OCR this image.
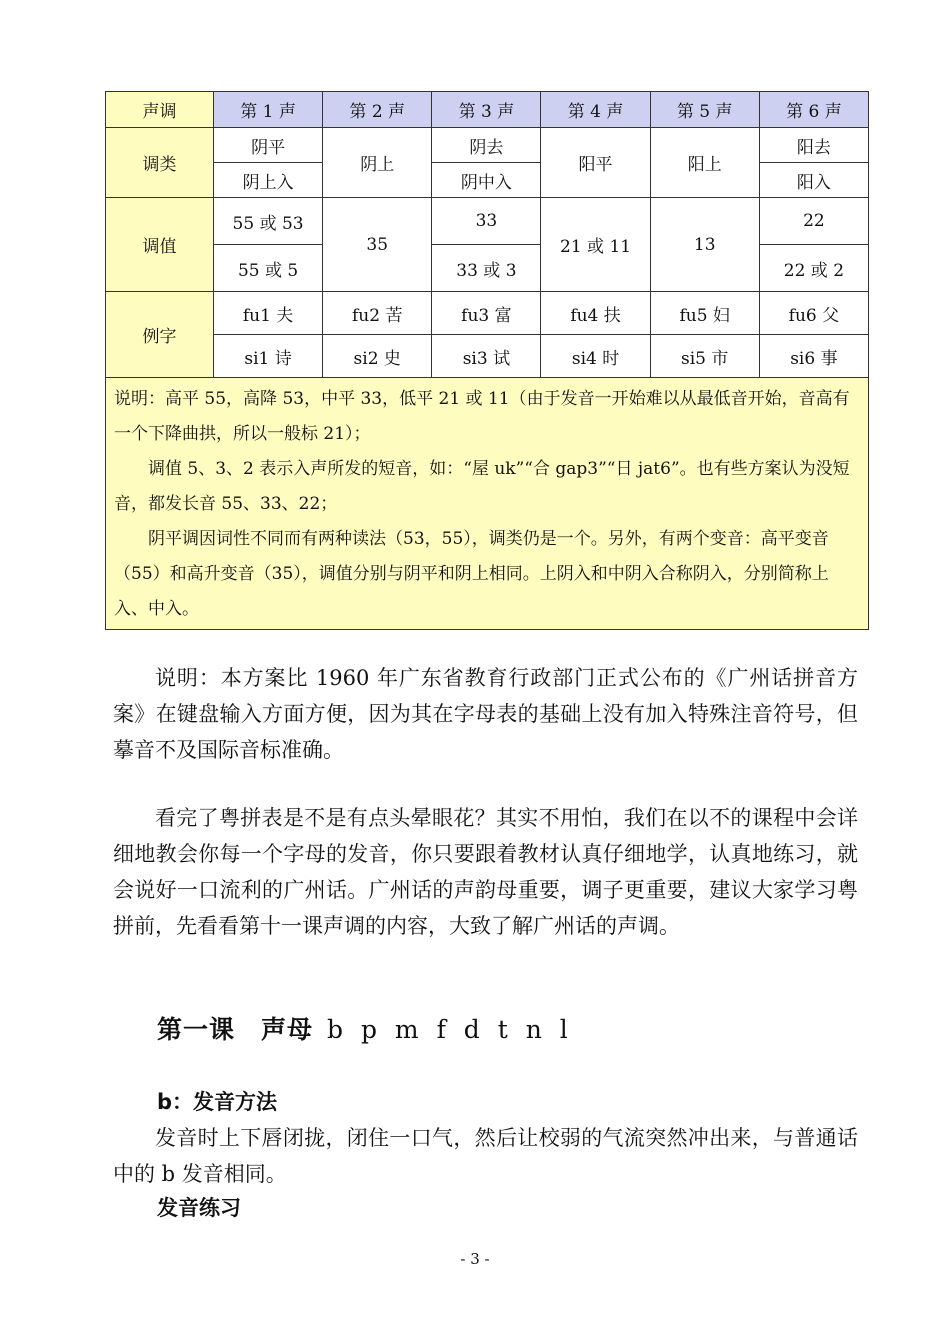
声调	第 1 声	第 2 声	第 3 声	第 4 声	第 5 声	第 6 声
调类	阴平	阴上	阴去	阳平	阳上	阳去
	阴上入		阴中入			阳入
调值	55 或 53	35	33	21 或 11	13	22
	55 或 5		33 或 3			22 或 2
例字	fu1 夫	fu2 苦	fu3 富	fu4 扶	fu5 妇	fu6 父
	si1 诗	si2 史	si3 试	si4 时	si5 市	si6 事

说明：高平 55，高降 53，中平 33，低平 21 或 11（由于发音一开始难以从最低音开始，音高有一个下降曲拱，所以一般标 21）；

调值 5、3、2 表示入声所发的短音，如：“屋 uk”“合 gap3”“日 jat6”。也有些方案认为没短音，都发长音 55、33、22；

阴平调因词性不同而有两种读法（53，55），调类仍是一个。另外，有两个变音：高平变音（55）和高升变音（35），调值分别与阴平和阴上相同。上阴入和中阴入合称阴入，分别简称上入、中入。						

说明：本方案比 1960 年广东省教育行政部门正式公布的《广州话拼音方案》在键盘输入方面方便，因为其在字母表的基础上没有加入特殊注音符号，但摹音不及国际音标准确。

看完了粤拼表是不是有点头晕眼花？其实不用怕，我们在以不的课程中会详细地教会你每一个字母的发音，你只要跟着教材认真仔细地学，认真地练习，就会说好一口流利的广州话。广州话的声韵母重要，调子更重要，建议大家学习粤拼前，先看看第十一课声调的内容，大致了解广州话的声调。

第一课　声母 b p m f d t n l
b：发音方法

发音时上下唇闭拢，闭住一口气，然后让校弱的气流突然冲出来，与普通话中的 b 发音相同。

发音练习
- 3 -
